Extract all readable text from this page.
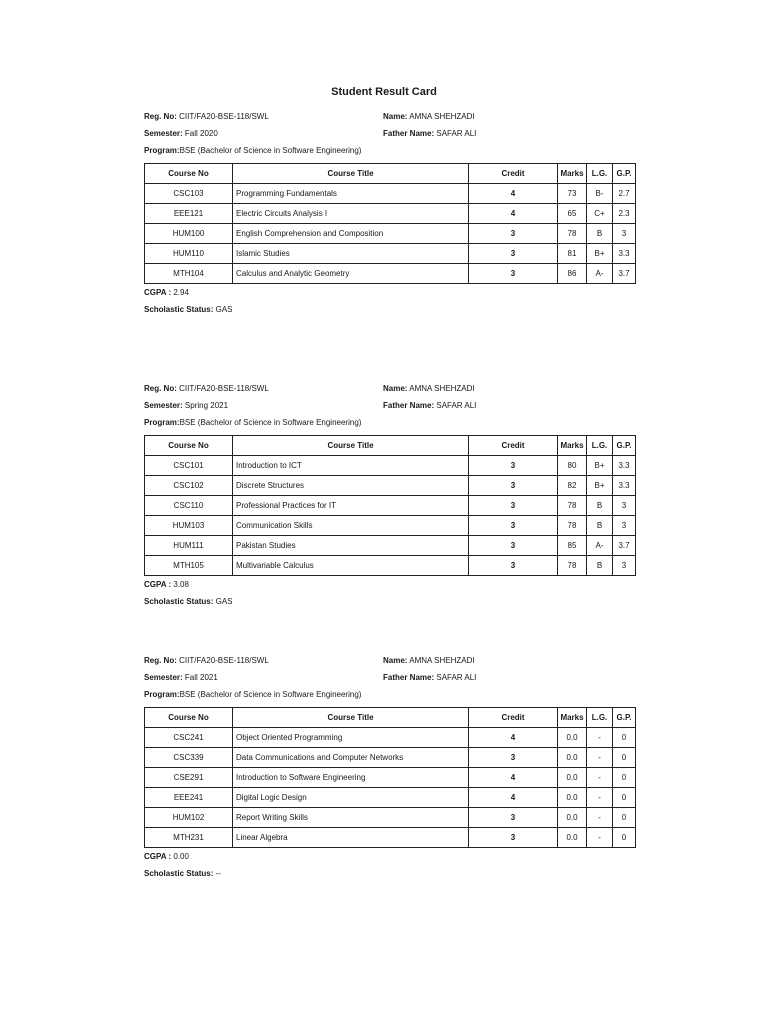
Student Result Card
Reg. No: CIIT/FA20-BSE-118/SWL	Name: AMNA SHEHZADI
Semester: Fall 2020	Father Name: SAFAR ALI
Program:BSE (Bachelor of Science in Software Engineering)
Course No	Course Title	Credit	Marks	L.G.	G.P.
CSC103	Programming Fundamentals	4	73	B-	2.7
EEE121	Electric Circuits Analysis I	4	65	C+	2.3
HUM100	English Comprehension and Composition	3	78	B	3
HUM110	Islamic Studies	3	81	B+	3.3
MTH104	Calculus and Analytic Geometry	3	86	A-	3.7
CGPA : 2.94
Scholastic Status: GAS
Reg. No: CIIT/FA20-BSE-118/SWL	Name: AMNA SHEHZADI
Semester: Spring 2021	Father Name: SAFAR ALI
Program:BSE (Bachelor of Science in Software Engineering)
Course No	Course Title	Credit	Marks	L.G.	G.P.
CSC101	Introduction to ICT	3	80	B+	3.3
CSC102	Discrete Structures	3	82	B+	3.3
CSC110	Professional Practices for IT	3	78	B	3
HUM103	Communication Skills	3	78	B	3
HUM111	Pakistan Studies	3	85	A-	3.7
MTH105	Multivariable Calculus	3	78	B	3
CGPA : 3.08
Scholastic Status: GAS
Reg. No: CIIT/FA20-BSE-118/SWL	Name: AMNA SHEHZADI
Semester: Fall 2021	Father Name: SAFAR ALI
Program:BSE (Bachelor of Science in Software Engineering)
Course No	Course Title	Credit	Marks	L.G.	G.P.
CSC241	Object Oriented Programming	4	0.0	-	0
CSC339	Data Communications and Computer Networks	3	0.0	-	0
CSE291	Introduction to Software Engineering	4	0.0	-	0
EEE241	Digital Logic Design	4	0.0	-	0
HUM102	Report Writing Skills	3	0.0	-	0
MTH231	Linear Algebra	3	0.0	-	0
CGPA : 0.00
Scholastic Status: --
